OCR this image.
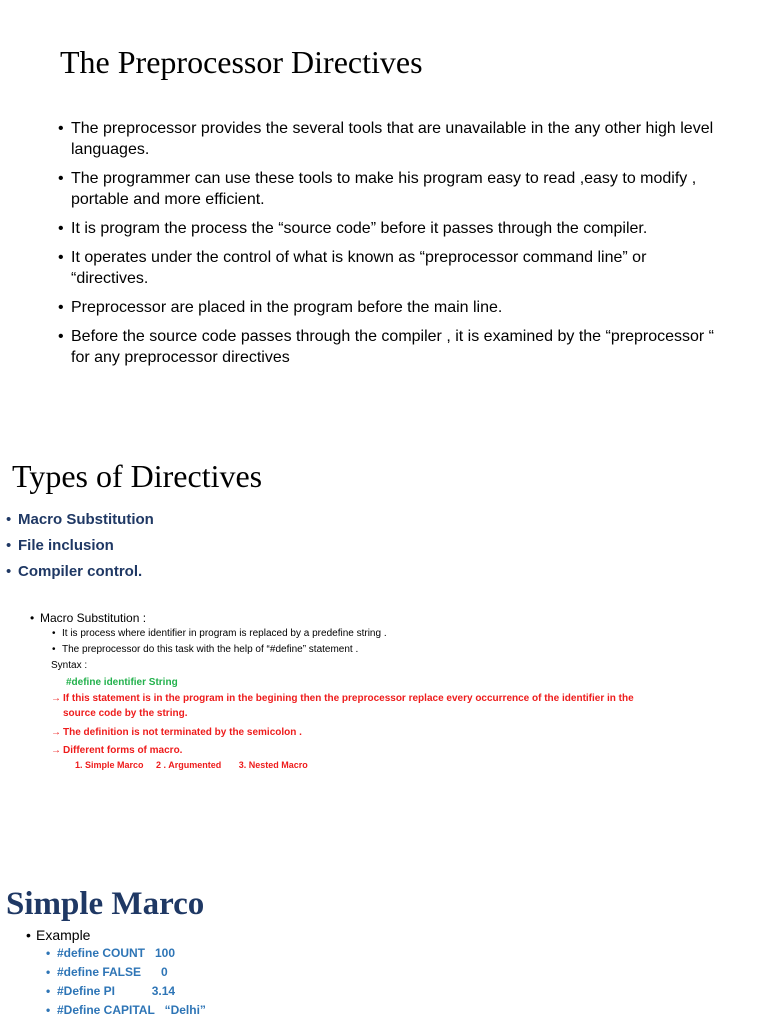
The Preprocessor Directives
• The preprocessor provides the several tools that are unavailable in the any other high level languages.
• The programmer can use these tools to make his program easy to read ,easy to modify , portable and more efficient.
• It is program the process the “source code” before it passes through the compiler.
• It operates under the control of what is known as “preprocessor command line” or “directives.
• Preprocessor are placed in the program before the main line.
• Before the source code passes through the compiler , it is examined by the “preprocessor “ for any preprocessor directives
Types of Directives
• Macro Substitution
• File inclusion
• Compiler control.
• Macro Substitution :
• It is process where identifier in program is replaced by a predefine string .
• The preprocessor do this task with the help of “#define” statement .
Syntax :
#define identifier String
→ If this statement is in the program in the begining then the preprocessor replace every occurrence of the identifier in the source code by the string.
→ The definition is not terminated by the semicolon .
→ Different forms of macro.
1. Simple Marco     2 . Argumented       3. Nested Macro
Simple Marco
• Example
• #define COUNT   100
• #define FALSE      0
• #Define PI           3.14
• #Define CAPITAL   “Delhi”
